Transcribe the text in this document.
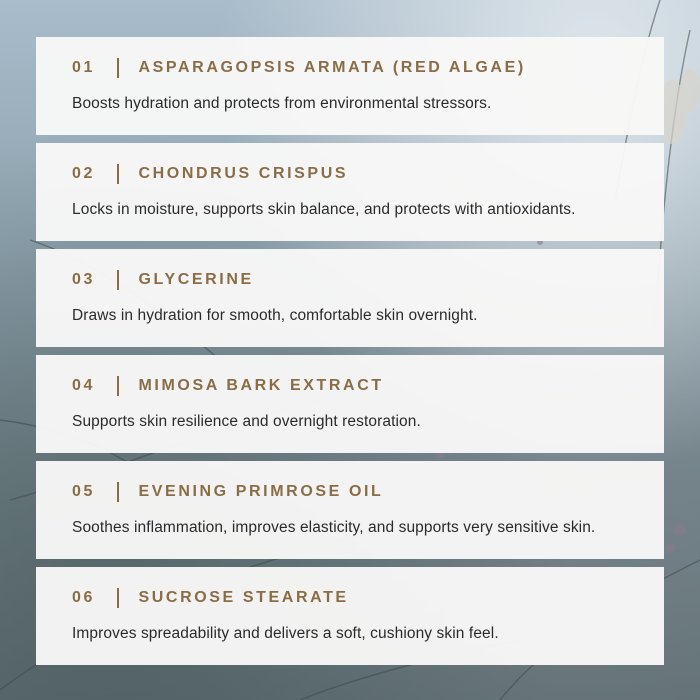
01	ASPARAGOPSIS ARMATA (RED ALGAE)
Boosts hydration and protects from environmental stressors.
02	CHONDRUS CRISPUS
Locks in moisture, supports skin balance, and protects with antioxidants.
03	GLYCERINE
Draws in hydration for smooth, comfortable skin overnight.
04	MIMOSA BARK EXTRACT
Supports skin resilience and overnight restoration.
05	EVENING PRIMROSE OIL
Soothes inflammation, improves elasticity, and supports very sensitive skin.
06	SUCROSE STEARATE
Improves spreadability and delivers a soft, cushiony skin feel.
